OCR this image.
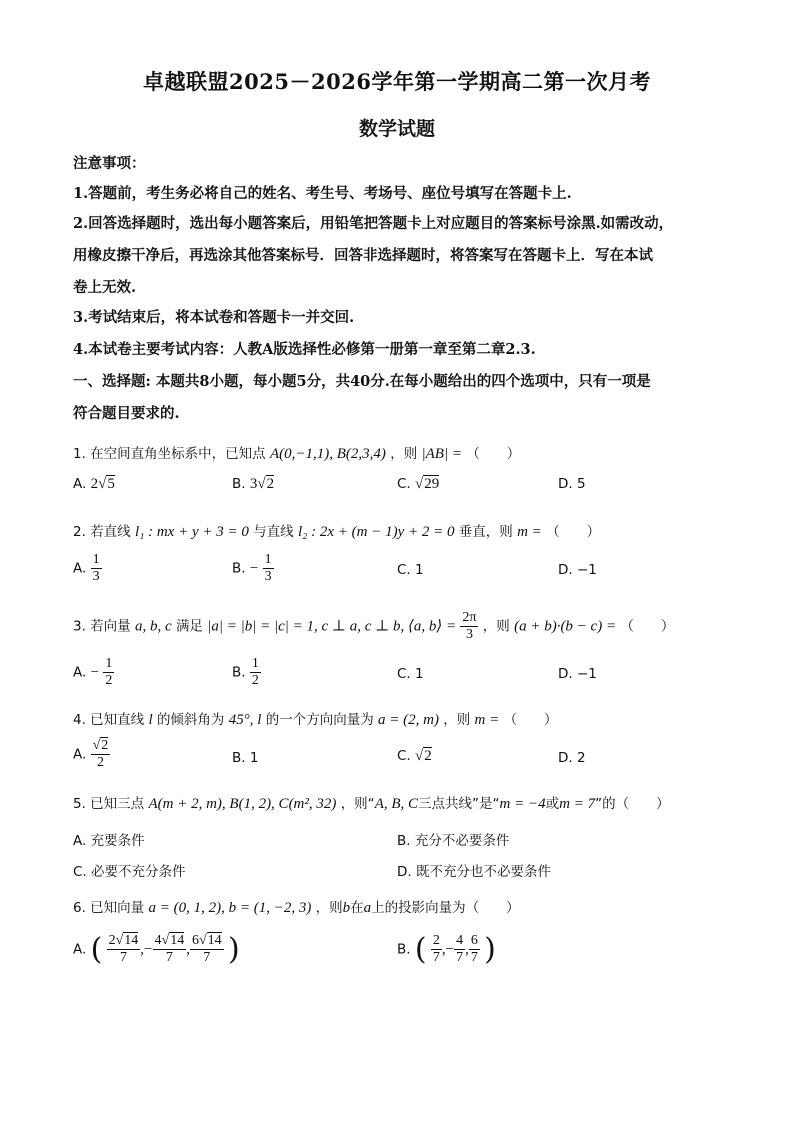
卓越联盟2025－2026学年第一学期高二第一次月考
数学试题
注意事项：
1.答题前，考生务必将自己的姓名、考生号、考场号、座位号填写在答题卡上.
2.回答选择题时，选出每小题答案后，用铅笔把答题卡上对应题目的答案标号涂黑.如需改动，
用橡皮擦干净后，再选涂其他答案标号．回答非选择题时，将答案写在答题卡上．写在本试
卷上无效.
3.考试结束后，将本试卷和答题卡一并交回.
4.本试卷主要考试内容：人教A版选择性必修第一册第一章至第二章2.3.
一、选择题: 本题共8小题，每小题5分，共40分.在每小题给出的四个选项中，只有一项是
符合题目要求的.
1. 在空间直角坐标系中，已知点 A(0,−1,1), B(2,3,4) ，则 |AB| = （　　）
A. 2√5	B. 3√2	C. √29	D. 5
2. 若直线 l₁ : mx + y + 3 = 0 与直线 l₂ : 2x + (m − 1)y + 2 = 0 垂直，则 m = （　　）
A. $\frac{1}{3}$	B. − $\frac{1}{3}$	C. 1	D. −1
3. 若向量 a, b, c 满足 |a| = |b| = |c| = 1, c ⊥ a, c ⊥ b, ⟨a, b⟩ = $\frac{2\pi}{3}$ ，则 (a + b)·(b − c) = （　　）
A. − $\frac{1}{2}$	B. $\frac{1}{2}$	C. 1	D. −1
4. 已知直线 l 的倾斜角为 45°, l 的一个方向向量为 a = (2, m) ，则 m = （　　）
A. $\frac{√2}{2}$	B. 1	C. √2	D. 2
5. 已知三点 A(m + 2, m), B(1, 2), C(m², 32) ，则“A, B, C三点共线”是“m = −4或m = 7”的（　　）
A. 充要条件	B. 充分不必要条件
C. 必要不充分条件	D. 既不充分也不必要条件
6. 已知向量 a = (0, 1, 2), b = (1, −2, 3) ，则b在a上的投影向量为（　　）
A. ( $\frac{2√14}{7}$ ,− $\frac{4√14}{7}$ , $\frac{6√14}{7}$ )	B. ( $\frac{2}{7}$ ,− $\frac{4}{7}$ , $\frac{6}{7}$ )
